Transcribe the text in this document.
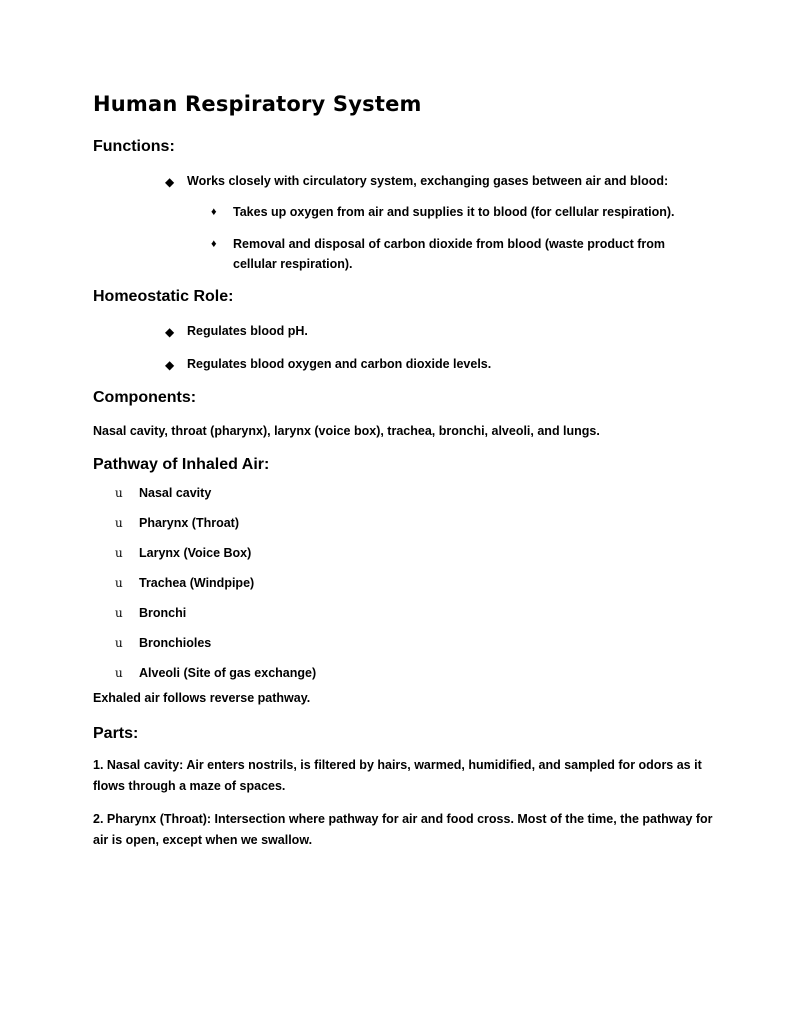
Human Respiratory System
Functions:
◆	Works closely with circulatory system, exchanging gases between air and blood:
♦	Takes up oxygen from air and supplies it to blood (for cellular respiration).
♦	Removal and disposal of carbon dioxide from blood (waste product from cellular respiration).
Homeostatic Role:
◆	Regulates blood pH.
◆	Regulates blood oxygen and carbon dioxide levels.
Components:
Nasal cavity, throat (pharynx), larynx (voice box), trachea, bronchi, alveoli, and lungs.
Pathway of Inhaled Air:
u	Nasal cavity
u	Pharynx (Throat)
u	Larynx (Voice Box)
u	Trachea (Windpipe)
u	Bronchi
u	Bronchioles
u	Alveoli (Site of gas exchange)
Exhaled air follows reverse pathway.
Parts:
1. Nasal cavity: Air enters nostrils, is filtered by hairs, warmed, humidified, and sampled for odors as it flows through a maze of spaces.
2. Pharynx (Throat): Intersection where pathway for air and food cross. Most of the time, the pathway for air is open, except when we swallow.
